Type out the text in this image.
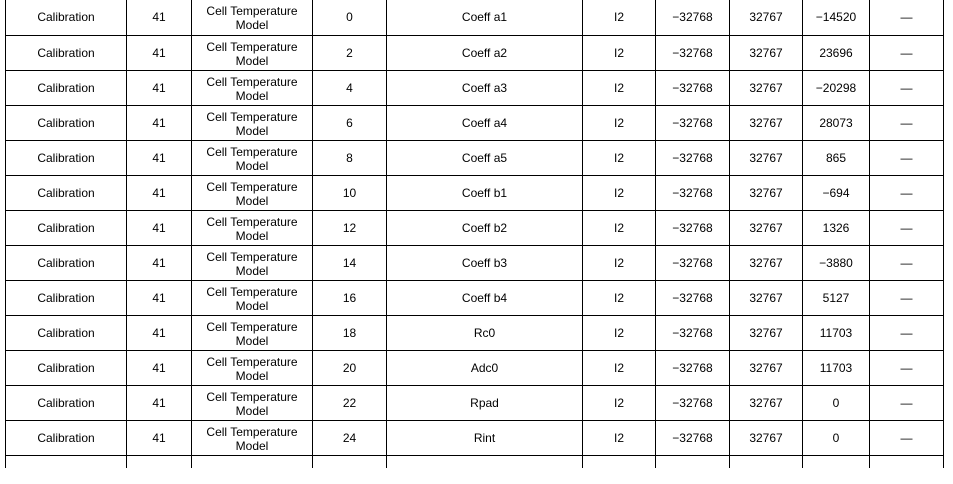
Calibration	41	Cell Temperature Model	0	Coeff a1	I2	−32768	32767	−14520	—

Calibration	41	Cell Temperature Model	2	Coeff a2	I2	−32768	32767	23696	—

Calibration	41	Cell Temperature Model	4	Coeff a3	I2	−32768	32767	−20298	—

Calibration	41	Cell Temperature Model	6	Coeff a4	I2	−32768	32767	28073	—

Calibration	41	Cell Temperature Model	8	Coeff a5	I2	−32768	32767	865	—

Calibration	41	Cell Temperature Model	10	Coeff b1	I2	−32768	32767	−694	—

Calibration	41	Cell Temperature Model	12	Coeff b2	I2	−32768	32767	1326	—

Calibration	41	Cell Temperature Model	14	Coeff b3	I2	−32768	32767	−3880	—

Calibration	41	Cell Temperature Model	16	Coeff b4	I2	−32768	32767	5127	—

Calibration	41	Cell Temperature Model	18	Rc0	I2	−32768	32767	11703	—

Calibration	41	Cell Temperature Model	20	Adc0	I2	−32768	32767	11703	—

Calibration	41	Cell Temperature Model	22	Rpad	I2	−32768	32767	0	—

Calibration	41	Cell Temperature Model	24	Rint	I2	−32768	32767	0	—
